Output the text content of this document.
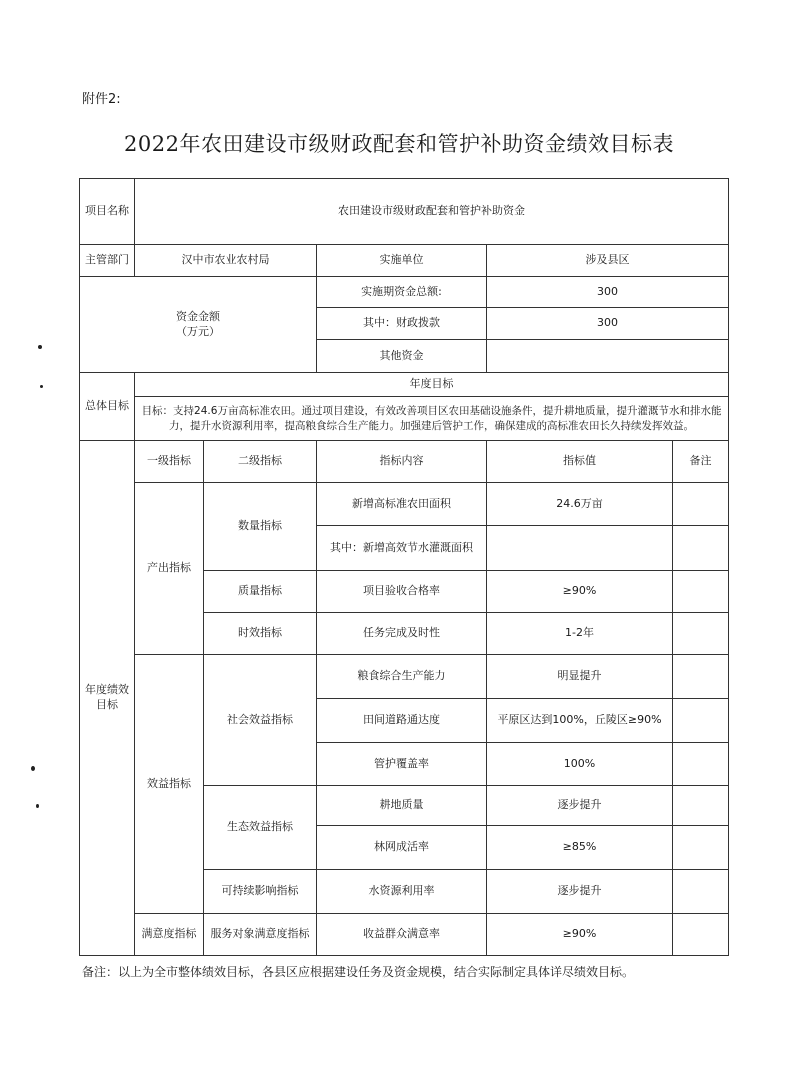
附件2:
2022年农田建设市级财政配套和管护补助资金绩效目标表
项目名称	农田建设市级财政配套和管护补助资金				
主管部门	汉中市农业农村局		实施单位	涉及县区	
资金金额
（万元）			实施期资金总额:	300	
			其中：财政拨款	300	
			其他资金		
总体目标	年度目标				
	目标：支持24.6万亩高标准农田。通过项目建设，有效改善项目区农田基础设施条件，提升耕地质量，提升灌溉节水和排水能力，提升水资源利用率，提高粮食综合生产能力。加强建后管护工作，确保建成的高标准农田长久持续发挥效益。				
年度绩效
目标	一级指标	二级指标	指标内容	指标值	备注
	产出指标	数量指标	新增高标准农田面积	24.6万亩	
			其中：新增高效节水灌溉面积		
		质量指标	项目验收合格率	≥90%	
		时效指标	任务完成及时性	1-2年	
	效益指标	社会效益指标	粮食综合生产能力	明显提升	
			田间道路通达度	平原区达到100%，丘陵区≥90%	
			管护覆盖率	100%	
		生态效益指标	耕地质量	逐步提升	
			林网成活率	≥85%	
		可持续影响指标	水资源利用率	逐步提升	
	满意度指标	服务对象满意度指标	收益群众满意率	≥90%	
备注：以上为全市整体绩效目标，各县区应根据建设任务及资金规模，结合实际制定具体详尽绩效目标。
